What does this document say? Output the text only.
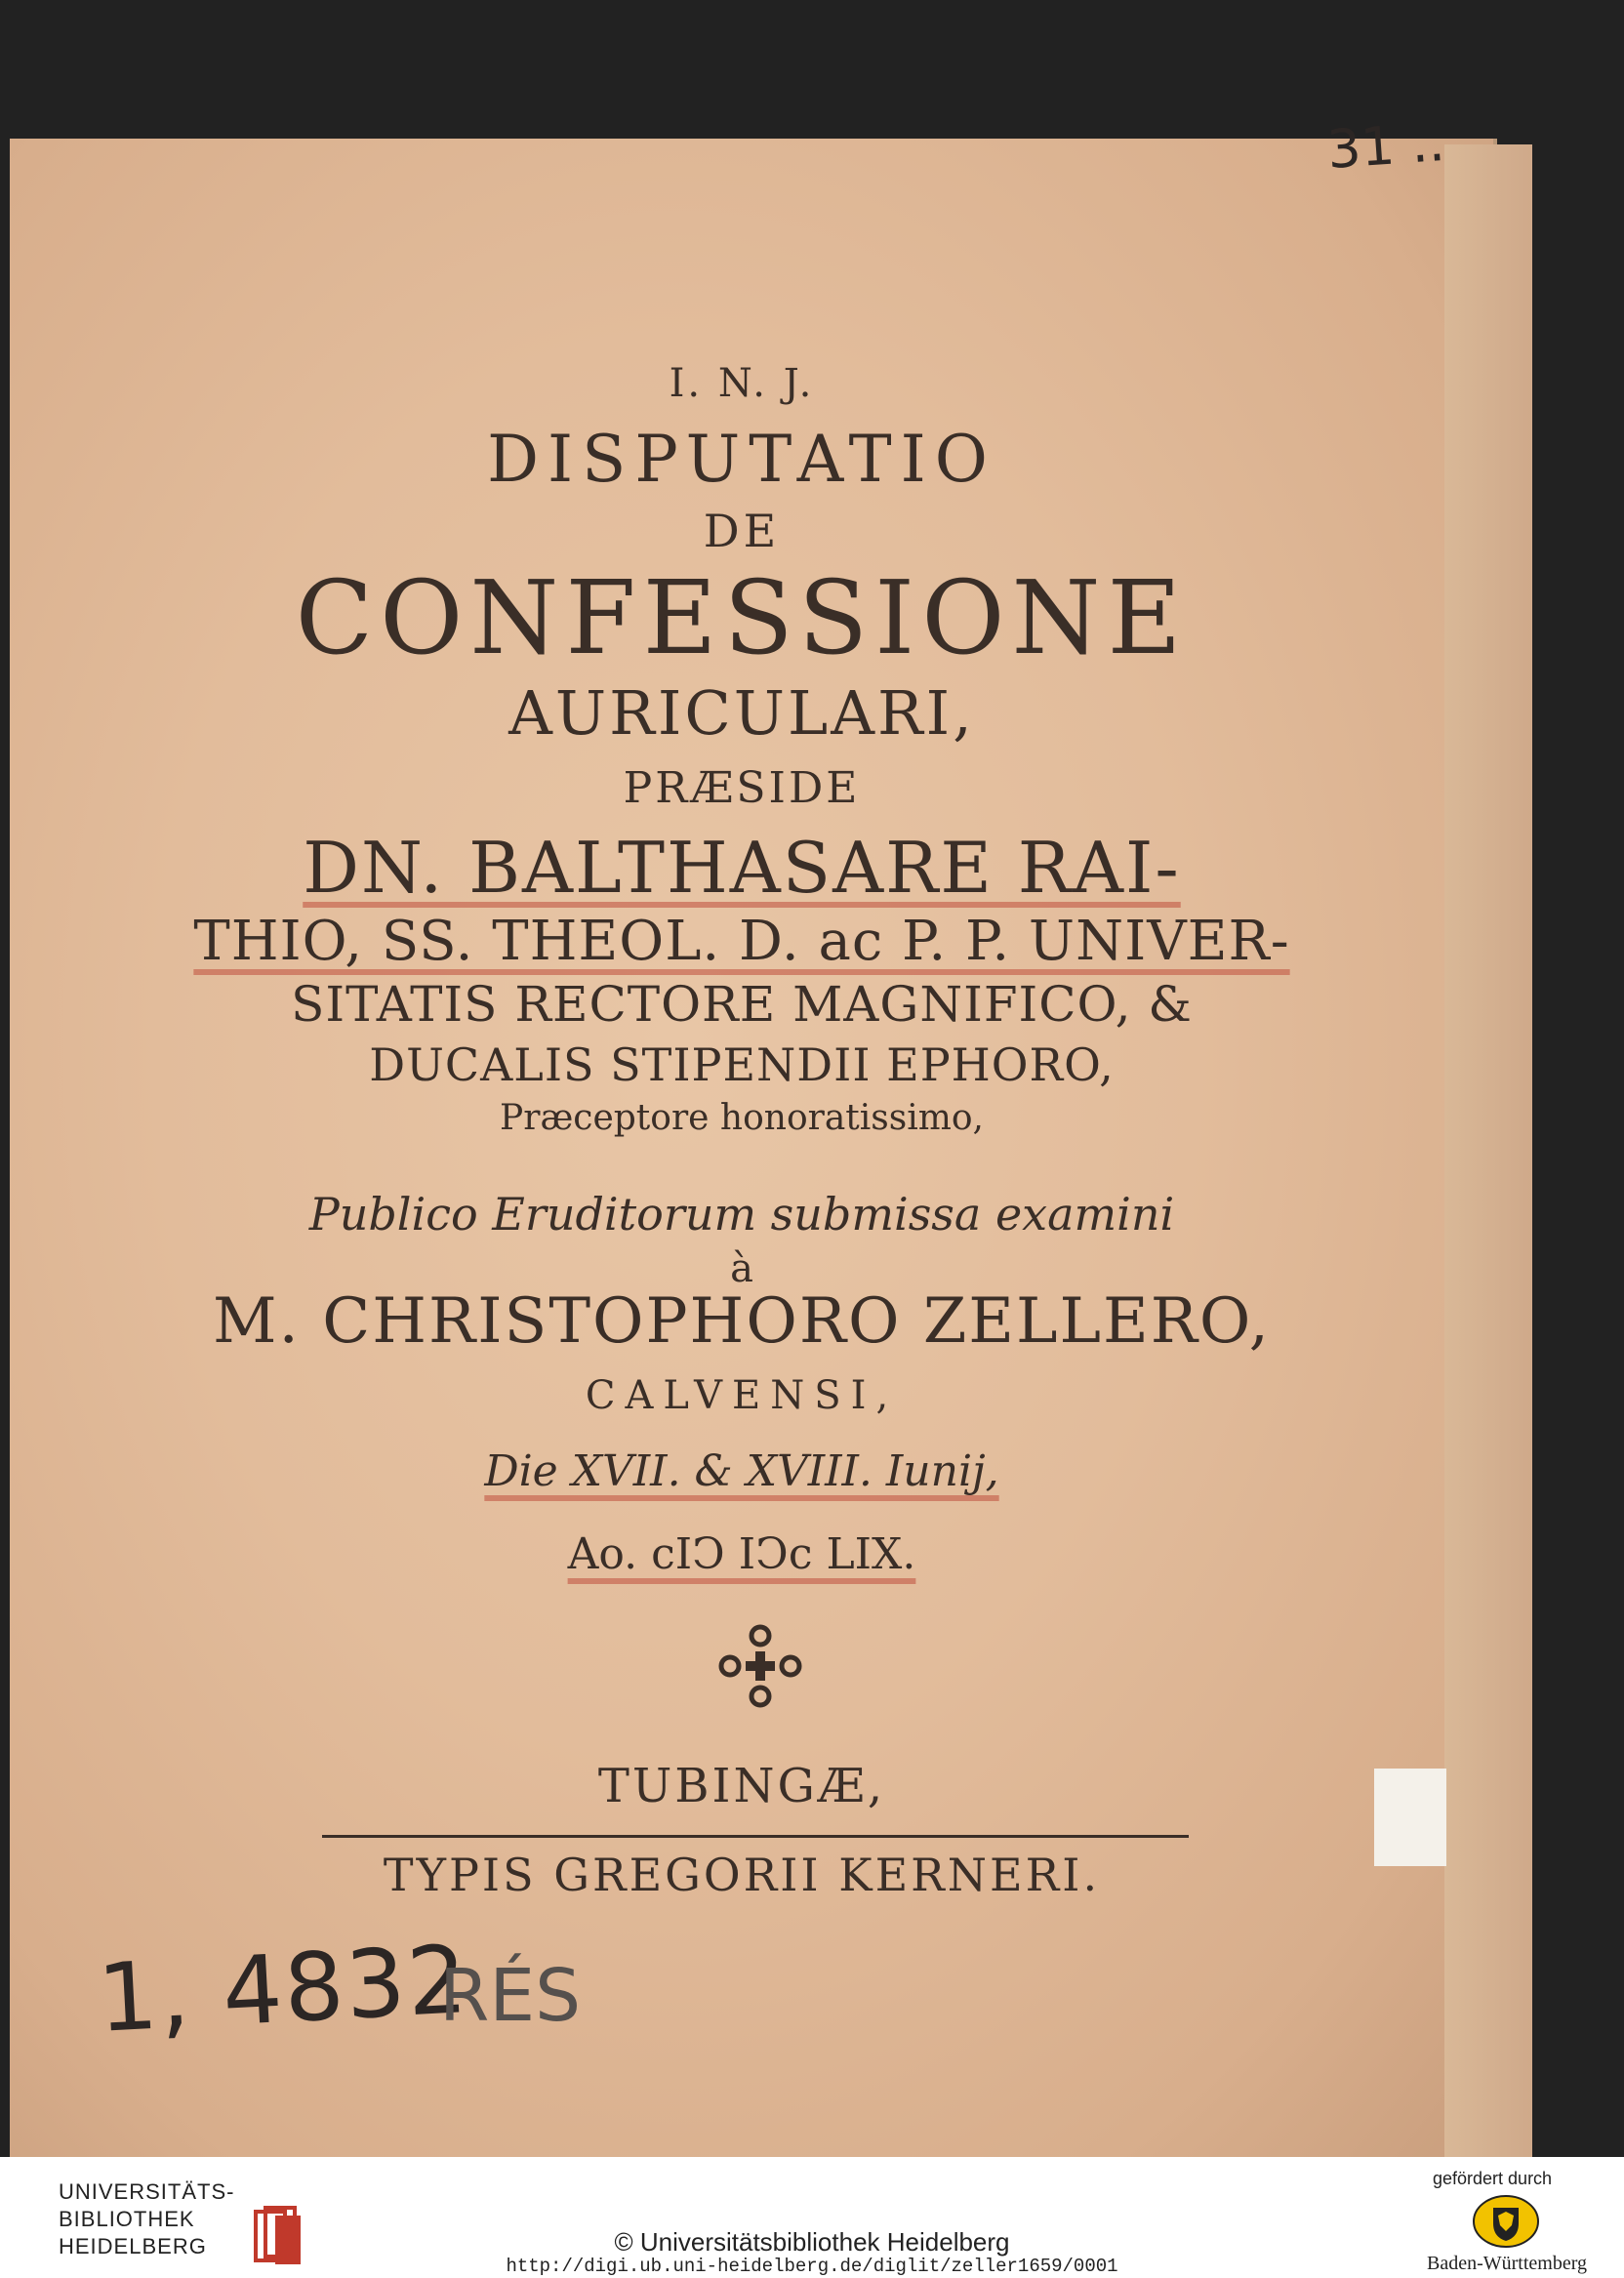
I. N. J.
DISPUTATIO
DE
CONFESSIONE
AURICULARI,
PRÆSIDE
DN. BALTHASARE RAI-
THIO, SS. THEOL. D. ac P. P. UNIVER-
SITATIS RECTORE MAGNIFICO, &
DUCALIS STIPENDII EPHORO,
Præceptore honoratissimo,
Publico Eruditorum submissa examini
à
M. CHRISTOPHORO ZELLERO,
CALVENSI,
Die XVII. & XVIII. Iunij,
Ao. cIↃ IↃc LIX.
TUBINGÆ,
TYPIS GREGORII KERNERI.
1, 4832
RÉS
31 ..
UNIVERSITÄTS-
BIBLIOTHEK
HEIDELBERG	© Universitätsbibliothek Heidelberg
http://digi.ub.uni-heidelberg.de/diglit/zeller1659/0001
gefördert durch
Baden-Württemberg
